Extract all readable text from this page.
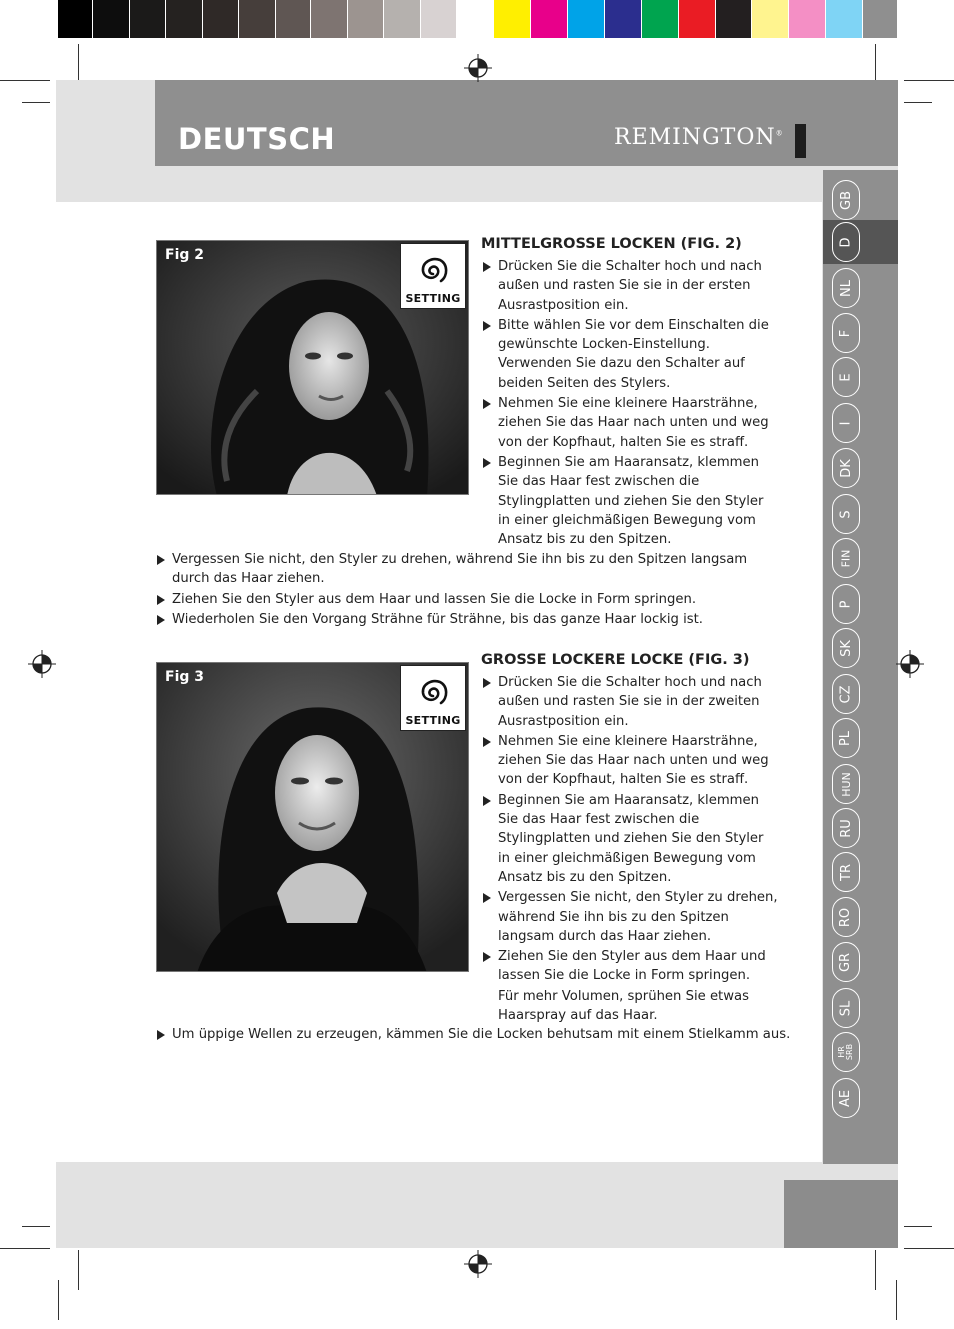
DEUTSCH	REMINGTON®
GB
D
NL
F
E
I
DK
S
FIN
P
SK
CZ
PL
HUN
RU
TR
RO
GR
SL
HR
SRB
AE
Fig 2
SETTING
MITTELGROSSE LOCKEN (FIG. 2)
Drücken Sie die Schalter hoch und nach außen und rasten Sie sie in der ersten Ausrastposition ein.
Bitte wählen Sie vor dem Einschalten die gewünschte Locken-Einstellung. Verwenden Sie dazu den Schalter auf beiden Seiten des Stylers.
Nehmen Sie eine kleinere Haarsträhne, ziehen Sie das Haar nach unten und weg von der Kopfhaut, halten Sie es straff.
Beginnen Sie am Haaransatz, klemmen Sie das Haar fest zwischen die Stylingplatten und ziehen Sie den Styler in einer gleichmäßigen Bewegung vom Ansatz bis zu den Spitzen.
Vergessen Sie nicht, den Styler zu drehen, während Sie ihn bis zu den Spitzen langsam durch das Haar ziehen.
Ziehen Sie den Styler aus dem Haar und lassen Sie die Locke in Form springen.
Wiederholen Sie den Vorgang Strähne für Strähne, bis das ganze Haar lockig ist.
Fig 3
SETTING
GROSSE LOCKERE LOCKE (FIG. 3)
Drücken Sie die Schalter hoch und nach außen und rasten Sie sie in der zweiten Ausrastposition ein.
Nehmen Sie eine kleinere Haarsträhne, ziehen Sie das Haar nach unten und weg von der Kopfhaut, halten Sie es straff.
Beginnen Sie am Haaransatz, klemmen Sie das Haar fest zwischen die Stylingplatten und ziehen Sie den Styler in einer gleichmäßigen Bewegung vom Ansatz bis zu den Spitzen.
Vergessen Sie nicht, den Styler zu drehen, während Sie ihn bis zu den Spitzen langsam durch das Haar ziehen.
Ziehen Sie den Styler aus dem Haar und lassen Sie die Locke in Form springen.
Für mehr Volumen, sprühen Sie etwas Haarspray auf das Haar.
Um üppige Wellen zu erzeugen, kämmen Sie die Locken behutsam mit einem Stielkamm aus.
